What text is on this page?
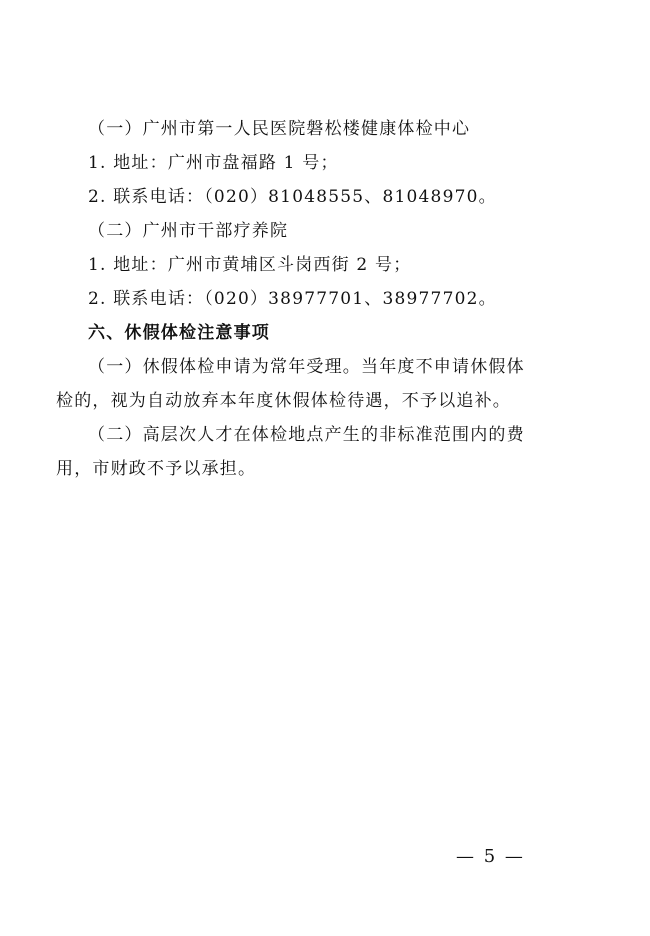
（一）广州市第一人民医院磐松楼健康体检中心
1. 地址：广州市盘福路 1 号；
2. 联系电话：（020）81048555、81048970。
（二）广州市干部疗养院
1. 地址：广州市黄埔区斗岗西街 2 号；
2. 联系电话：（020）38977701、38977702。
六、休假体检注意事项
（一）休假体检申请为常年受理。当年度不申请休假体
检的，视为自动放弃本年度休假体检待遇，不予以追补。
（二）高层次人才在体检地点产生的非标准范围内的费
用，市财政不予以承担。
— 5 —
